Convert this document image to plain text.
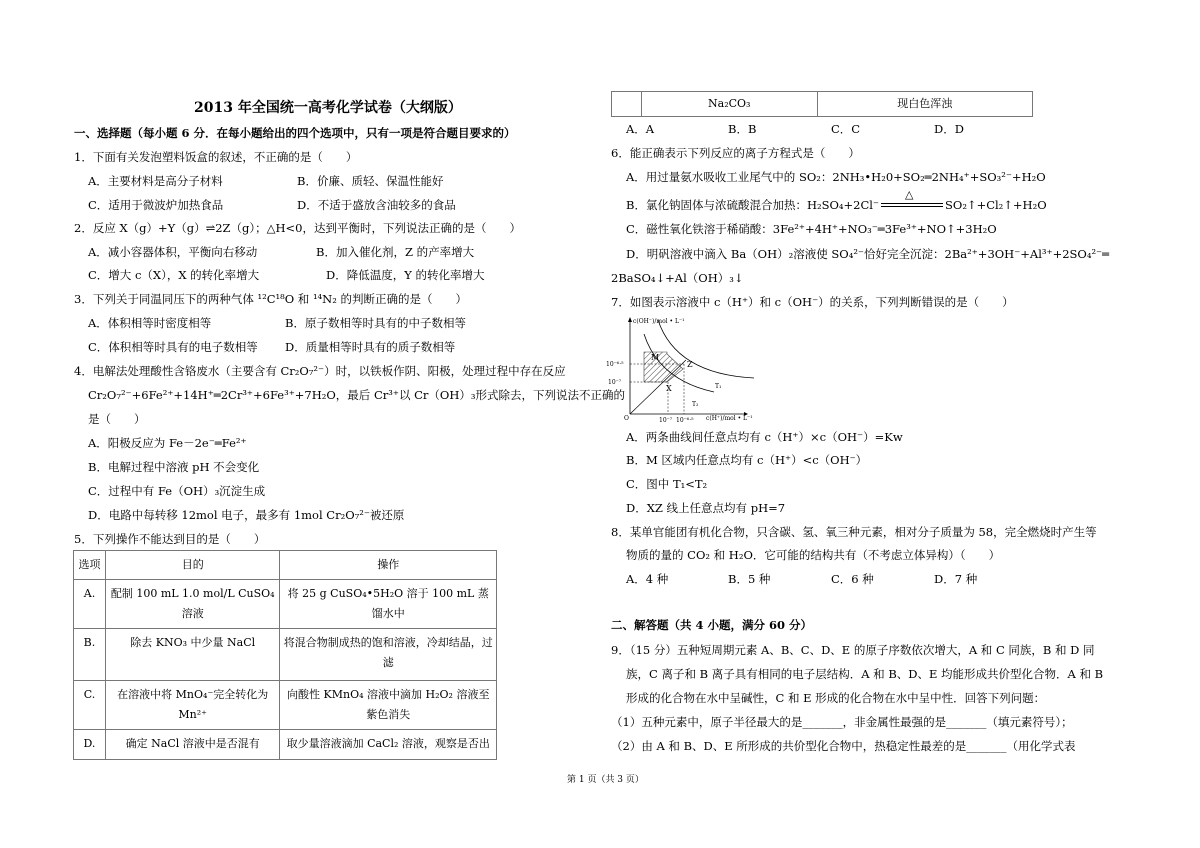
2013 年全国统一高考化学试卷（大纲版）
一、选择题（每小题 6 分．在每小题给出的四个选项中，只有一项是符合题目要求的）
1．下面有关发泡塑料饭盒的叙述，不正确的是（　　）
A．主要材料是高分子材料	B．价廉、质轻、保温性能好
C．适用于微波炉加热食品	D．不适于盛放含油较多的食品
2．反应 X（g）+Y（g）⇌2Z（g）；△H<0，达到平衡时，下列说法正确的是（　　）
A．减小容器体积，平衡向右移动	B．加入催化剂，Z 的产率增大
C．增大 c（X），X 的转化率增大	D．降低温度，Y 的转化率增大
3．下列关于同温同压下的两种气体 ¹²C¹⁸O 和 ¹⁴N₂ 的判断正确的是（　　）
A．体积相等时密度相等	B．原子数相等时具有的中子数相等
C．体积相等时具有的电子数相等 D．质量相等时具有的质子数相等
4．电解法处理酸性含铬废水（主要含有 Cr₂O₇²⁻）时，以铁板作阴、阳极，处理过程中存在反应
Cr₂O₇²⁻+6Fe²⁺+14H⁺═2Cr³⁺+6Fe³⁺+7H₂O，最后 Cr³⁺以 Cr（OH）₃形式除去，下列说法不正确的
是（　　）
A．阳极反应为 Fe－2e⁻═Fe²⁺
B．电解过程中溶液 pH 不会变化
C．过程中有 Fe（OH）₃沉淀生成
D．电路中每转移 12mol 电子，最多有 1mol Cr₂O₇²⁻被还原
5．下列操作不能达到目的是（　　）
选项	目的	操作
A.	配制 100 mL 1.0 mol/L CuSO₄ 溶液	将 25 g CuSO₄•5H₂O 溶于 100 mL 蒸馏水中
B.	除去 KNO₃ 中少量 NaCl	将混合物制成热的饱和溶液，冷却结晶，过滤
C.	在溶液中将 MnO₄⁻完全转化为 Mn²⁺	向酸性 KMnO₄ 溶液中滴加 H₂O₂ 溶液至紫色消失
D.	确定 NaCl 溶液中是否混有	取少量溶液滴加 CaCl₂ 溶液，观察是否出
	Na₂CO₃	现白色浑浊
A．A	B．B	C．C	D．D
6．能正确表示下列反应的离子方程式是（　　）
A．用过量氨水吸收工业尾气中的 SO₂：2NH₃•H₂0+SO₂═2NH₄⁺+SO₃²⁻+H₂O
B．氯化钠固体与浓硫酸混合加热：H₂SO₄+2Cl⁻
△
SO₂↑+Cl₂↑+H₂O
C．磁性氧化铁溶于稀硝酸：3Fe²⁺+4H⁺+NO₃⁻═3Fe³⁺+NO↑+3H₂O
D．明矾溶液中滴入 Ba（OH）₂溶液使 SO₄²⁻恰好完全沉淀：2Ba²⁺+3OH⁻+Al³⁺+2SO₄²⁻═
2BaSO₄↓+Al（OH）₃↓
7．如图表示溶液中 c（H⁺）和 c（OH⁻）的关系，下列判断错误的是（　　）
c(OH⁻)/mol • L⁻¹
c(H⁺)/mol • L⁻¹
10⁻⁶·⁵
10⁻⁷
10⁻⁷ 10⁻⁶·⁵
O
M
Z
X	T₁
T₂
A．两条曲线间任意点均有 c（H⁺）×c（OH⁻）=Kw
B．M 区域内任意点均有 c（H⁺）<c（OH⁻）
C．图中 T₁<T₂
D．XZ 线上任意点均有 pH=7
8．某单官能团有机化合物，只含碳、氢、氧三种元素，相对分子质量为 58，完全燃烧时产生等
物质的量的 CO₂ 和 H₂O．它可能的结构共有（不考虑立体异构）（　　）
A．4 种	B．5 种	C．6 种	D．7 种
二、解答题（共 4 小题，满分 60 分）
9．（15 分）五种短周期元素 A、B、C、D、E 的原子序数依次增大，A 和 C 同族，B 和 D 同
族，C 离子和 B 离子具有相同的电子层结构．A 和 B、D、E 均能形成共价型化合物．A 和 B
形成的化合物在水中呈碱性，C 和 E 形成的化合物在水中呈中性．回答下列问题：
（1）五种元素中，原子半径最大的是_______，非金属性最强的是_______（填元素符号）；
（2）由 A 和 B、D、E 所形成的共价型化合物中，热稳定性最差的是_______（用化学式表
第 1 页（共 3 页）
